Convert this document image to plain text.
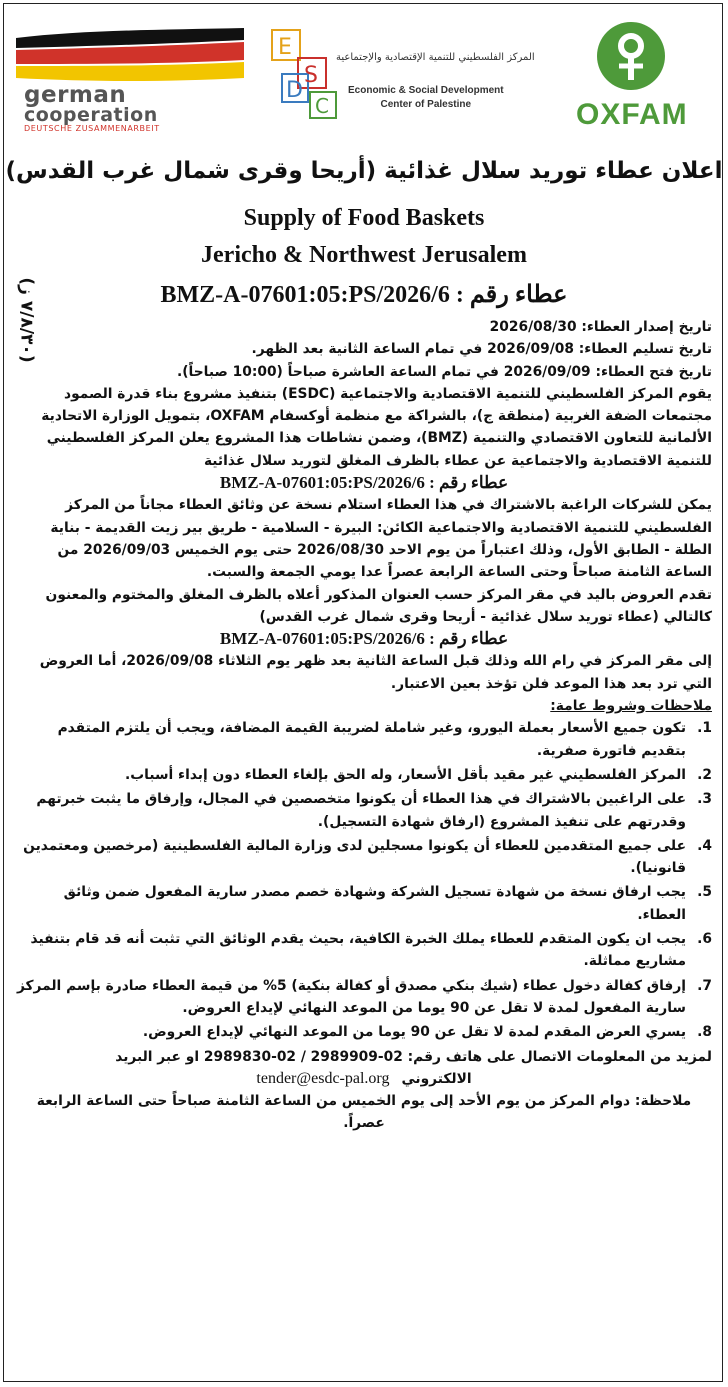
german
cooperation
DEUTSCHE ZUSAMMENARBEIT
E
S
D
C
المركز الفلسطيني للتنمية الإقتصادية والإجتماعية
Economic & Social Development
Center of Palestine	OXFAM
اعلان عطاء توريد سلال غذائية (أريحا وقرى شمال غرب القدس)
Supply of Food Baskets
Jericho & Northwest Jerusalem
عطاء رقم : 6/BMZ-A-07601:05:PS/2026
(٧/٨/٣٠ ز)

تاريخ إصدار العطاء: 2026/08/30

تاريخ تسليم العطاء: 2026/09/08 في تمام الساعة الثانية بعد الظهر.

تاريخ فتح العطاء: 2026/09/09 في تمام الساعة العاشرة صباحاً (10:00 صباحاً).

يقوم المركز الفلسطيني للتنمية الاقتصادية والاجتماعية (ESDC) بتنفيذ مشروع بناء قدرة الصمود مجتمعات الضفة الغربية (منطقة ج)، بالشراكة مع منظمة أوكسفام OXFAM، بتمويل الوزارة الاتحادية الألمانية للتعاون الاقتصادي والتنمية (BMZ)، وضمن نشاطات هذا المشروع يعلن المركز الفلسطيني للتنمية الاقتصادية والاجتماعية عن عطاء بالظرف المغلق لتوريد سلال غذائية

عطاء رقم : 6/BMZ-A-07601:05:PS/2026

يمكن للشركات الراغبة بالاشتراك في هذا العطاء استلام نسخة عن وثائق العطاء مجاناً من المركز الفلسطيني للتنمية الاقتصادية والاجتماعية الكائن: البيرة - السلامية - طريق بير زيت القديمة - بناية الطلة - الطابق الأول، وذلك اعتباراً من يوم الاحد 2026/08/30 حتى يوم الخميس 2026/09/03 من الساعة الثامنة صباحاً وحتى الساعة الرابعة عصراً عدا يومي الجمعة والسبت.

تقدم العروض باليد في مقر المركز حسب العنوان المذكور أعلاه بالظرف المغلق والمختوم والمعنون كالتالي (عطاء توريد سلال غذائية - أريحا وقرى شمال غرب القدس)

عطاء رقم : 6/BMZ-A-07601:05:PS/2026

إلى مقر المركز في رام الله وذلك قبل الساعة الثانية بعد ظهر يوم الثلاثاء 2026/09/08، أما العروض التي ترد بعد هذا الموعد فلن تؤخذ بعين الاعتبار.

ملاحظات وشروط عامة:

1.
تكون جميع الأسعار بعملة اليورو، وغير شاملة لضريبة القيمة المضافة، ويجب أن يلتزم المتقدم بتقديم فاتورة صفرية.
2.
المركز الفلسطيني غير مقيد بأقل الأسعار، وله الحق بإلغاء العطاء دون إبداء أسباب.
3.
على الراغبين بالاشتراك في هذا العطاء أن يكونوا متخصصين في المجال، وإرفاق ما يثبت خبرتهم وقدرتهم على تنفيذ المشروع (ارفاق شهادة التسجيل).
4.
على جميع المتقدمين للعطاء أن يكونوا مسجلين لدى وزارة المالية الفلسطينية (مرخصين ومعتمدين قانونيا).
5.
يجب ارفاق نسخة من شهادة تسجيل الشركة وشهادة خصم مصدر سارية المفعول ضمن وثائق العطاء.
6.
يجب ان يكون المتقدم للعطاء يملك الخبرة الكافية، بحيث يقدم الوثائق التي تثبت أنه قد قام بتنفيذ مشاريع مماثلة.
7.
إرفاق كفالة دخول عطاء (شيك بنكي مصدق أو كفالة بنكية) 5% من قيمة العطاء صادرة بإسم المركز سارية المفعول لمدة لا تقل عن 90 يوما من الموعد النهائي لإيداع العروض.
8.
يسري العرض المقدم لمدة لا تقل عن 90 يوما من الموعد النهائي لإيداع العروض.

لمزيد من المعلومات الاتصال على هاتف رقم: 02-2989909 / 02-2989830 او عبر البريد

الالكتروني
tender@esdc-pal.org

ملاحظة: دوام المركز من يوم الأحد إلى يوم الخميس من الساعة الثامنة صباحاً حتى الساعة الرابعة عصراً.
